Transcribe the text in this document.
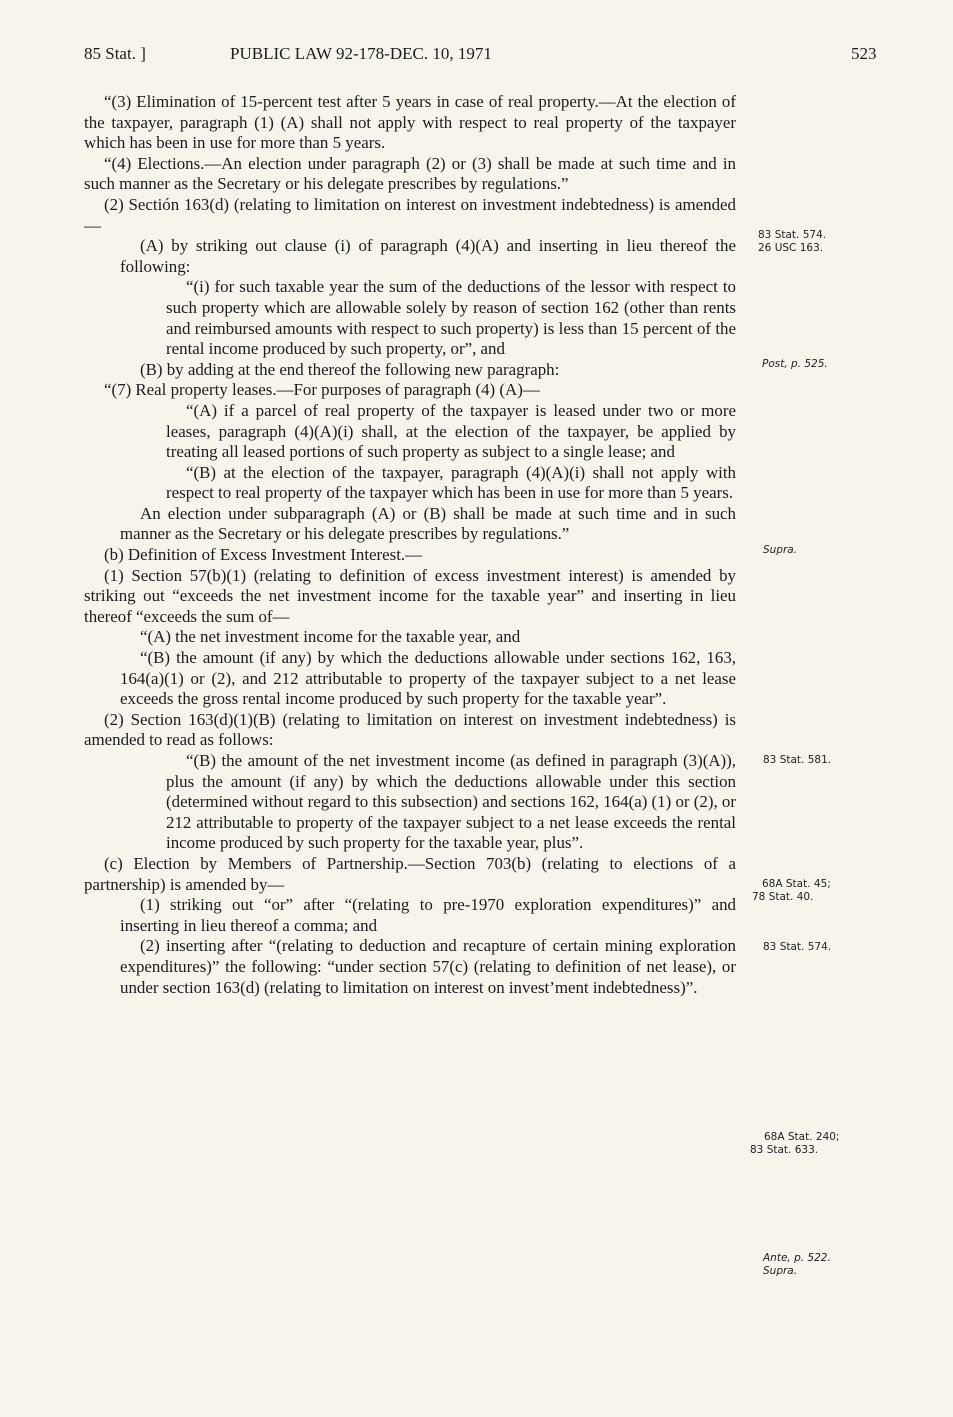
85 Stat. ]	PUBLIC LAW 92-178-DEC. 10, 1971	523

“(3) Elimination of 15-percent test after 5 years in case of real property.—At the election of the taxpayer, paragraph (1) (A) shall not apply with respect to real property of the taxpayer which has been in use for more than 5 years.

“(4) Elections.—An election under paragraph (2) or (3) shall be made at such time and in such manner as the Secretary or his delegate prescribes by regulations.”

(2) Sectión 163(d) (relating to limitation on interest on investment indebtedness) is amended—

(A) by striking out clause (i) of paragraph (4)(A) and inserting in lieu thereof the following:

“(i) for such taxable year the sum of the deductions of the lessor with respect to such property which are allowable solely by reason of section 162 (other than rents and reimbursed amounts with respect to such property) is less than 15 percent of the rental income produced by such property, or”, and

(B) by adding at the end thereof the following new paragraph:

“(7) Real property leases.—For purposes of paragraph (4) (A)—

“(A) if a parcel of real property of the taxpayer is leased under two or more leases, paragraph (4)(A)(i) shall, at the election of the taxpayer, be applied by treating all leased portions of such property as subject to a single lease; and

“(B) at the election of the taxpayer, paragraph (4)(A)(i) shall not apply with respect to real property of the taxpayer which has been in use for more than 5 years.

An election under subparagraph (A) or (B) shall be made at such time and in such manner as the Secretary or his delegate prescribes by regulations.”

(b) Definition of Excess Investment Interest.—

(1) Section 57(b)(1) (relating to definition of excess investment interest) is amended by striking out “exceeds the net investment income for the taxable year” and inserting in lieu thereof “exceeds the sum of—

“(A) the net investment income for the taxable year, and

“(B) the amount (if any) by which the deductions allowable under sections 162, 163, 164(a)(1) or (2), and 212 attributable to property of the taxpayer subject to a net lease exceeds the gross rental income produced by such property for the taxable year”.

(2) Section 163(d)(1)(B) (relating to limitation on interest on investment indebtedness) is amended to read as follows:

“(B) the amount of the net investment income (as defined in paragraph (3)(A)), plus the amount (if any) by which the deductions allowable under this section (determined without regard to this subsection) and sections 162, 164(a) (1) or (2), or 212 attributable to property of the taxpayer subject to a net lease exceeds the rental income produced by such property for the taxable year, plus”.

(c) Election by Members of Partnership.—Section 703(b) (relating to elections of a partnership) is amended by—

(1) striking out “or” after “(relating to pre-1970 exploration expenditures)” and inserting in lieu thereof a comma; and

(2) inserting after “(relating to deduction and recapture of certain mining exploration expenditures)” the following: “under section 57(c) (relating to definition of net lease), or under section 163(d) (relating to limitation on interest on invest’ment indebtedness)”.

83 Stat. 574.
26 USC 163.
Post, p. 525.
Supra.
83 Stat. 581.
68A Stat. 45;
78 Stat. 40.
83 Stat. 574.
68A Stat. 240;
83 Stat. 633.
Ante, p. 522.
Supra.
